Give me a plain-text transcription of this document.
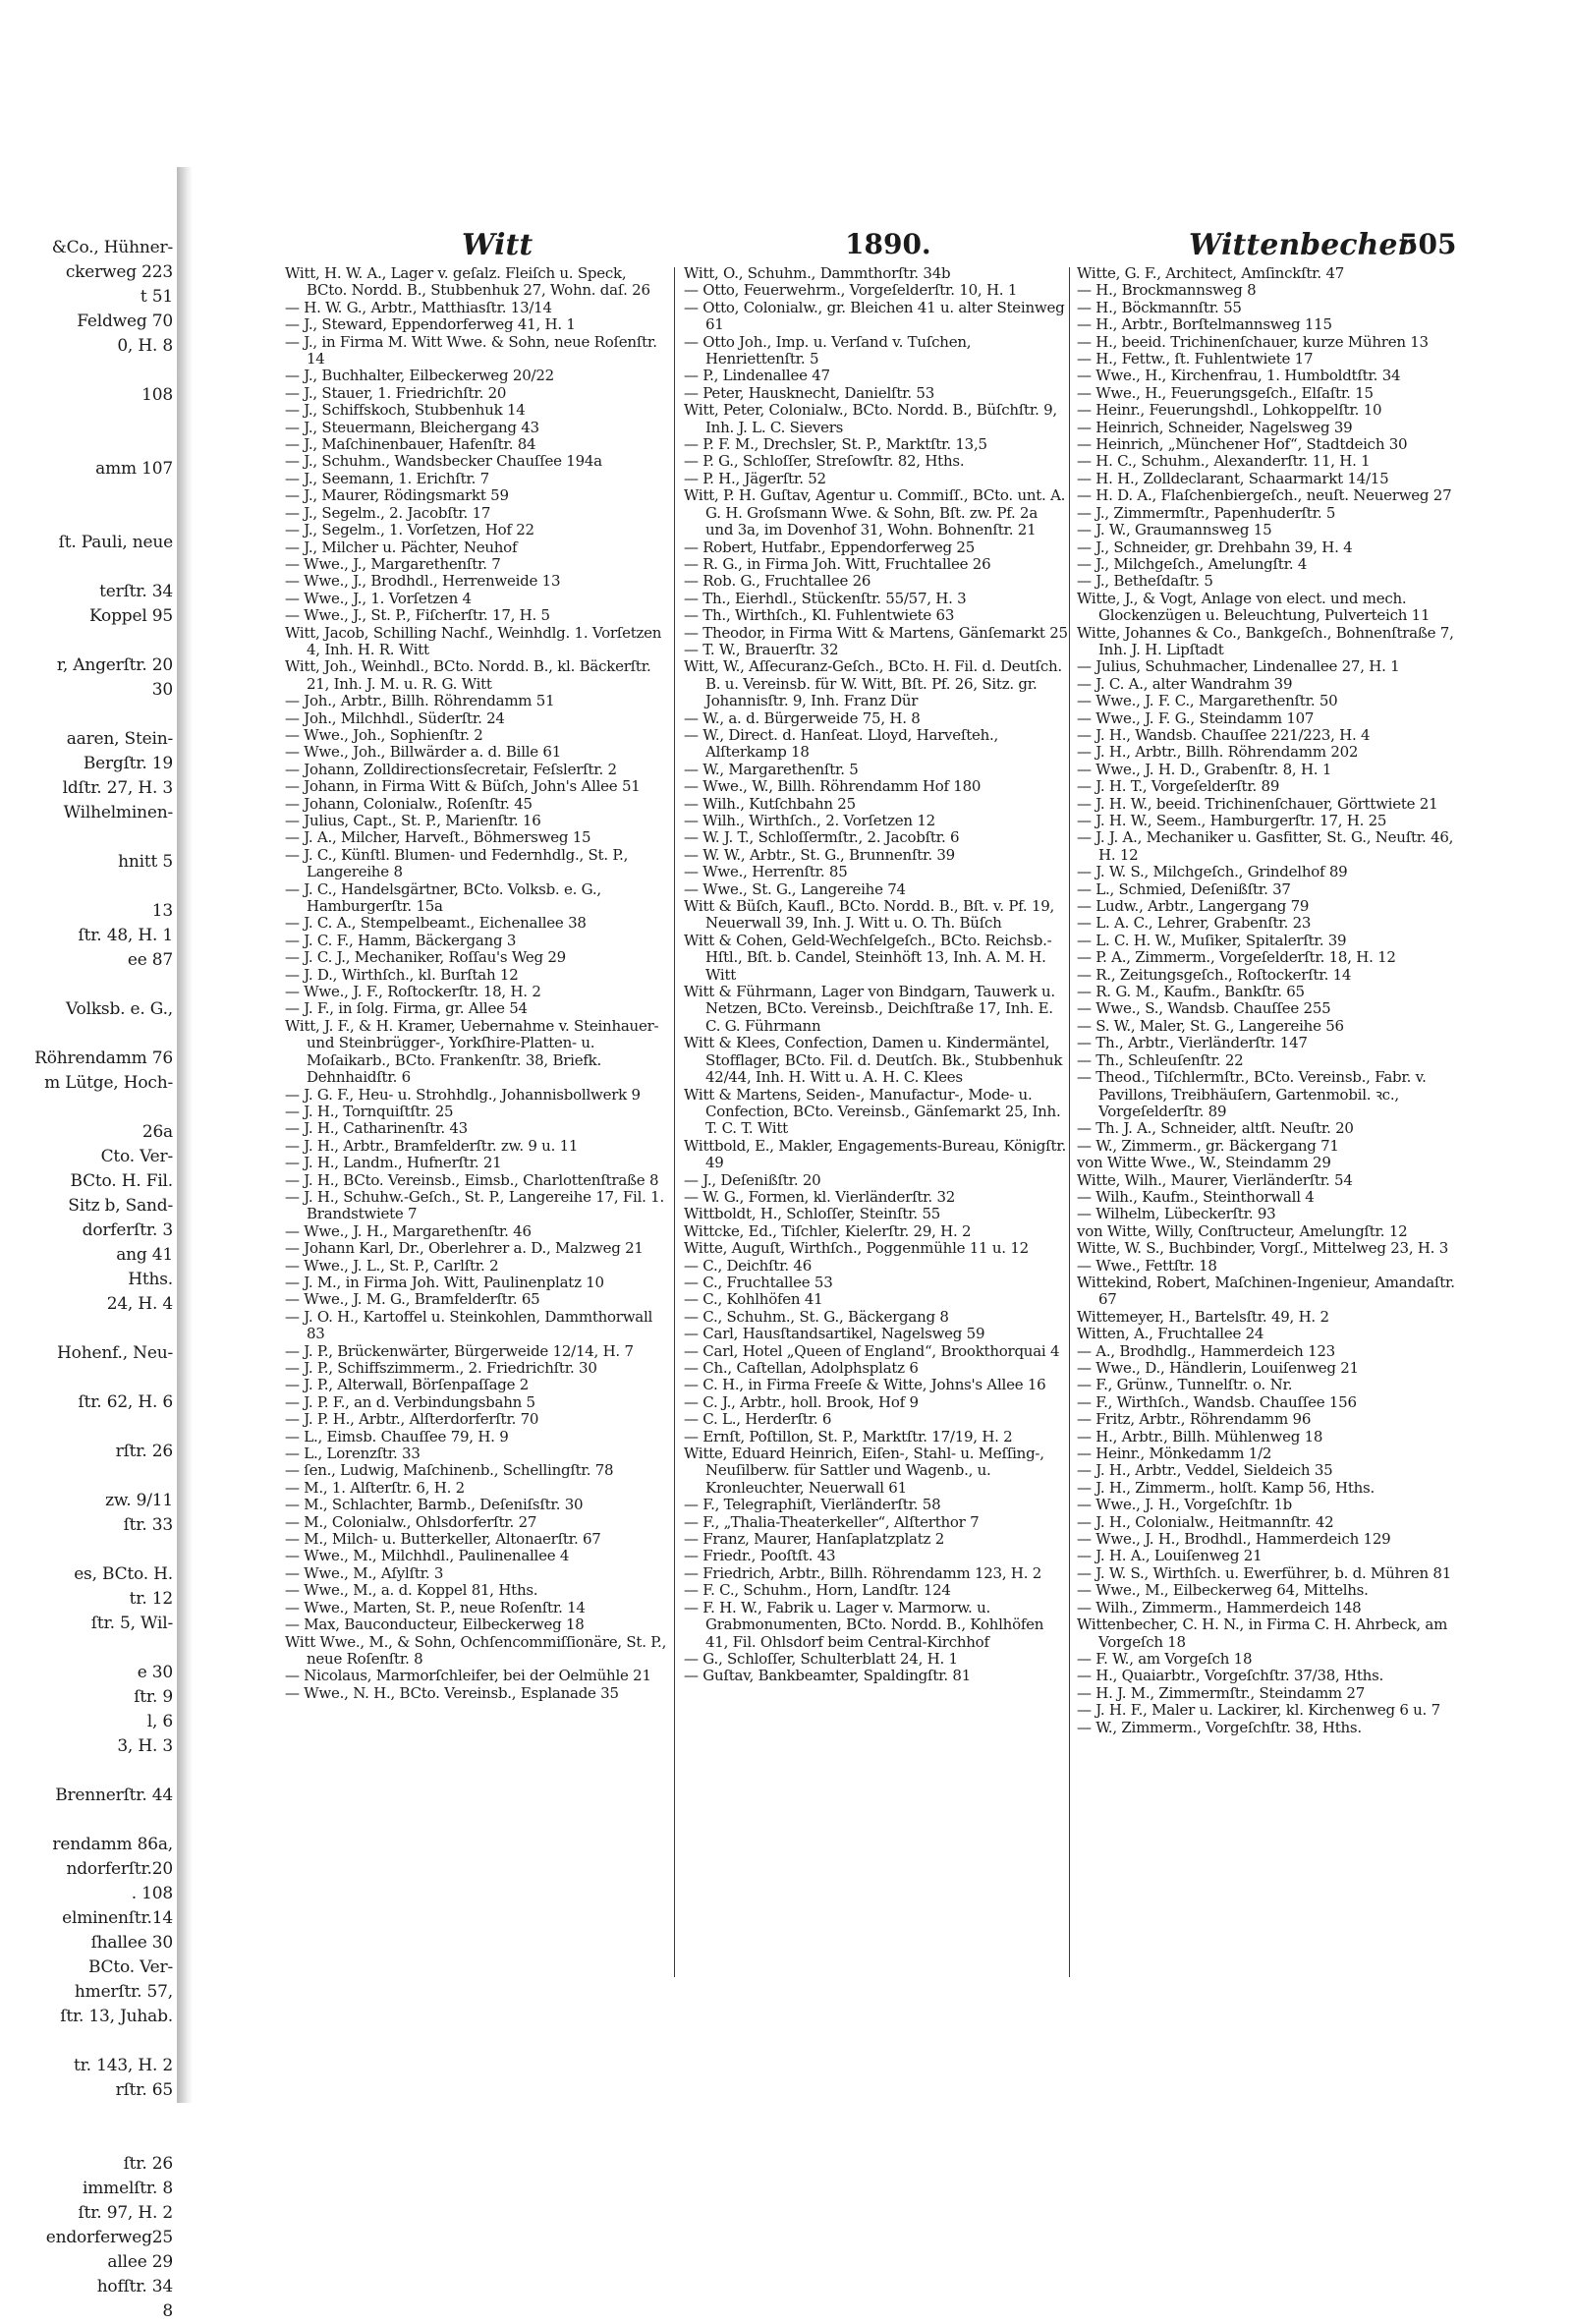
&Co., Hühner-
ckerweg 223
t 51
Feldweg 70
0, H. 8

108

amm 107

ſt. Pauli, neue

terſtr. 34
Koppel 95

r, Angerſtr. 20
30

aaren, Stein-
Bergſtr. 19
ldſtr. 27, H. 3
Wilhelminen-

hnitt 5

13
ſtr. 48, H. 1
ee 87

Volksb. e. G.,

Röhrendamm 76
m Lütge, Hoch-

26a
Cto. Ver-
BCto. H. Fil.
Sitz b, Sand-
dorferſtr. 3
ang 41
Hths.
24, H. 4

Hohenf., Neu-

ſtr. 62, H. 6

rſtr. 26

zw. 9/11
ſtr. 33

es, BCto. H.
tr. 12
ſtr. 5, Wil-

e 30
ſtr. 9
l, 6
3, H. 3

Brennerſtr. 44

rendamm 86a,
ndorferſtr.20
. 108
elminenſtr.14
ſhallee 30
BCto. Ver-
hmerſtr. 57,
ſtr. 13, Juhab.

tr. 143, H. 2
rſtr. 65

ſtr. 26
immelſtr. 8
ſtr. 97, H. 2
endorferweg25
allee 29
hofſtr. 34
8
Witt	1890.	Wittenbecher
505
Witt, H. W. A., Lager v. geſalz. Fleiſch u. Speck, BCto. Nordd. B., Stubbenhuk 27, Wohn. daſ. 26
— H. W. G., Arbtr., Matthiasſtr. 13/14
— J., Steward, Eppendorferweg 41, H. 1
— J., in Firma M. Witt Wwe. & Sohn, neue Roſenſtr. 14
— J., Buchhalter, Eilbeckerweg 20/22
— J., Stauer, 1. Friedrichſtr. 20
— J., Schiffskoch, Stubbenhuk 14
— J., Steuermann, Bleichergang 43
— J., Maſchinenbauer, Hafenſtr. 84
— J., Schuhm., Wandsbecker Chauſſee 194a
— J., Seemann, 1. Erichſtr. 7
— J., Maurer, Rödingsmarkt 59
— J., Segelm., 2. Jacobſtr. 17
— J., Segelm., 1. Vorſetzen, Hof 22
— J., Milcher u. Pächter, Neuhof
— Wwe., J., Margarethenſtr. 7
— Wwe., J., Brodhdl., Herrenweide 13
— Wwe., J., 1. Vorſetzen 4
— Wwe., J., St. P., Fiſcherſtr. 17, H. 5
Witt, Jacob, Schilling Nachf., Weinhdlg. 1. Vorſetzen 4, Inh. H. R. Witt
Witt, Joh., Weinhdl., BCto. Nordd. B., kl. Bäckerſtr. 21, Inh. J. M. u. R. G. Witt
— Joh., Arbtr., Billh. Röhrendamm 51
— Joh., Milchhdl., Süderſtr. 24
— Wwe., Joh., Sophienſtr. 2
— Wwe., Joh., Billwärder a. d. Bille 61
— Johann, Zolldirectionsſecretair, Feſslerſtr. 2
— Johann, in Firma Witt & Büſch, John's Allee 51
— Johann, Colonialw., Roſenſtr. 45
— Julius, Capt., St. P., Marienſtr. 16
— J. A., Milcher, Harveſt., Böhmersweg 15
— J. C., Künſtl. Blumen- und Federnhdlg., St. P., Langereihe 8
— J. C., Handelsgärtner, BCto. Volksb. e. G., Hamburgerſtr. 15a
— J. C. A., Stempelbeamt., Eichenallee 38
— J. C. F., Hamm, Bäckergang 3
— J. C. J., Mechaniker, Roſſau's Weg 29
— J. D., Wirthſch., kl. Burſtah 12
— Wwe., J. F., Roſtockerſtr. 18, H. 2
— J. F., in ſolg. Firma, gr. Allee 54
Witt, J. F., & H. Kramer, Uebernahme v. Steinhauer- und Steinbrügger-, Yorkſhire-Platten- u. Moſaikarb., BCto. Frankenſtr. 38, Briefk. Dehnhaidſtr. 6
— J. G. F., Heu- u. Strohhdlg., Johannisbollwerk 9
— J. H., Tornquiſtſtr. 25
— J. H., Catharinenſtr. 43
— J. H., Arbtr., Bramfelderſtr. zw. 9 u. 11
— J. H., Landm., Hufnerſtr. 21
— J. H., BCto. Vereinsb., Eimsb., Charlottenſtraße 8
— J. H., Schuhw.-Geſch., St. P., Langereihe 17, Fil. 1. Brandstwiete 7
— Wwe., J. H., Margarethenſtr. 46
— Johann Karl, Dr., Oberlehrer a. D., Malzweg 21
— Wwe., J. L., St. P., Carlſtr. 2
— J. M., in Firma Joh. Witt, Paulinenplatz 10
— Wwe., J. M. G., Bramfelderſtr. 65
— J. O. H., Kartoffel u. Steinkohlen, Dammthorwall 83
— J. P., Brückenwärter, Bürgerweide 12/14, H. 7
— J. P., Schiffszimmerm., 2. Friedrichſtr. 30
— J. P., Alterwall, Börſenpaſſage 2
— J. P. F., an d. Verbindungsbahn 5
— J. P. H., Arbtr., Alſterdorferſtr. 70
— L., Eimsb. Chauſſee 79, H. 9
— L., Lorenzſtr. 33
— ſen., Ludwig, Maſchinenb., Schellingſtr. 78
— M., 1. Alſterſtr. 6, H. 2
— M., Schlachter, Barmb., Deſeniſsſtr. 30
— M., Colonialw., Ohlsdorferſtr. 27
— M., Milch- u. Butterkeller, Altonaerſtr. 67
— Wwe., M., Milchhdl., Paulinenallee 4
— Wwe., M., Aſylſtr. 3
— Wwe., M., a. d. Koppel 81, Hths.
— Wwe., Marten, St. P., neue Roſenſtr. 14
— Max, Bauconducteur, Eilbeckerweg 18
Witt Wwe., M., & Sohn, Ochſencommiſſionäre, St. P., neue Roſenſtr. 8
— Nicolaus, Marmorſchleifer, bei der Oelmühle 21
— Wwe., N. H., BCto. Vereinsb., Esplanade 35
Witt, O., Schuhm., Dammthorſtr. 34b
— Otto, Feuerwehrm., Vorgeſelderſtr. 10, H. 1
— Otto, Colonialw., gr. Bleichen 41 u. alter Steinweg 61
— Otto Joh., Imp. u. Verſand v. Tuſchen, Henriettenſtr. 5
— P., Lindenallee 47
— Peter, Hausknecht, Danielſtr. 53
Witt, Peter, Colonialw., BCto. Nordd. B., Büſchſtr. 9, Inh. J. L. C. Sievers
— P. F. M., Drechsler, St. P., Marktſtr. 13,5
— P. G., Schloſſer, Streſowſtr. 82, Hths.
— P. H., Jägerſtr. 52
Witt, P. H. Guſtav, Agentur u. Commiſſ., BCto. unt. A. G. H. Groſsmann Wwe. & Sohn, Bſt. zw. Pf. 2a und 3a, im Dovenhof 31, Wohn. Bohnenſtr. 21
— Robert, Hutfabr., Eppendorferweg 25
— R. G., in Firma Joh. Witt, Fruchtallee 26
— Rob. G., Fruchtallee 26
— Th., Eierhdl., Stückenſtr. 55/57, H. 3
— Th., Wirthſch., Kl. Fuhlentwiete 63
— Theodor, in Firma Witt & Martens, Gänſemarkt 25
— T. W., Brauerſtr. 32
Witt, W., Aſſecuranz-Geſch., BCto. H. Fil. d. Deutſch. B. u. Vereinsb. für W. Witt, Bſt. Pf. 26, Sitz. gr. Johannisſtr. 9, Inh. Franz Dür
— W., a. d. Bürgerweide 75, H. 8
— W., Direct. d. Hanſeat. Lloyd, Harveſteh., Alſterkamp 18
— W., Margarethenſtr. 5
— Wwe., W., Billh. Röhrendamm Hof 180
— Wilh., Kutſchbahn 25
— Wilh., Wirthſch., 2. Vorſetzen 12
— W. J. T., Schloſſermſtr., 2. Jacobſtr. 6
— W. W., Arbtr., St. G., Brunnenſtr. 39
— Wwe., Herrenſtr. 85
— Wwe., St. G., Langereihe 74
Witt & Büſch, Kaufl., BCto. Nordd. B., Bſt. v. Pf. 19, Neuerwall 39, Inh. J. Witt u. O. Th. Büſch
Witt & Cohen, Geld-Wechſelgeſch., BCto. Reichsb.-Hſtl., Bſt. b. Candel, Steinhöft 13, Inh. A. M. H. Witt
Witt & Führmann, Lager von Bindgarn, Tauwerk u. Netzen, BCto. Vereinsb., Deichſtraße 17, Inh. E. C. G. Führmann
Witt & Klees, Confection, Damen u. Kindermäntel, Stofflager, BCto. Fil. d. Deutſch. Bk., Stubbenhuk 42/44, Inh. H. Witt u. A. H. C. Klees
Witt & Martens, Seiden-, Manufactur-, Mode- u. Confection, BCto. Vereinsb., Gänſemarkt 25, Inh. T. C. T. Witt
Wittbold, E., Makler, Engagements-Bureau, Königſtr. 49
— J., Deſenißſtr. 20
— W. G., Formen, kl. Vierländerſtr. 32
Wittboldt, H., Schloſſer, Steinſtr. 55
Wittcke, Ed., Tiſchler, Kielerſtr. 29, H. 2
Witte, Auguſt, Wirthſch., Poggenmühle 11 u. 12
— C., Deichſtr. 46
— C., Fruchtallee 53
— C., Kohlhöfen 41
— C., Schuhm., St. G., Bäckergang 8
— Carl, Hausſtandsartikel, Nagelsweg 59
— Carl, Hotel „Queen of England“, Brookthorquai 4
— Ch., Caſtellan, Adolphsplatz 6
— C. H., in Firma Freeſe & Witte, Johns's Allee 16
— C. J., Arbtr., holl. Brook, Hof 9
— C. L., Herderſtr. 6
— Ernſt, Poſtillon, St. P., Marktſtr. 17/19, H. 2
Witte, Eduard Heinrich, Eiſen-, Stahl- u. Meſſing-, Neuſilberw. für Sattler und Wagenb., u. Kronleuchter, Neuerwall 61
— F., Telegraphiſt, Vierländerſtr. 58
— F., „Thalia-Theaterkeller“, Alſterthor 7
— Franz, Maurer, Hanſaplatzplatz 2
— Friedr., Pooſtſt. 43
— Friedrich, Arbtr., Billh. Röhrendamm 123, H. 2
— F. C., Schuhm., Horn, Landſtr. 124
— F. H. W., Fabrik u. Lager v. Marmorw. u. Grabmonumenten, BCto. Nordd. B., Kohlhöfen 41, Fil. Ohlsdorf beim Central-Kirchhof
— G., Schloſſer, Schulterblatt 24, H. 1
— Guſtav, Bankbeamter, Spaldingſtr. 81
Witte, G. F., Architect, Amſinckſtr. 47
— H., Brockmannsweg 8
— H., Böckmannſtr. 55
— H., Arbtr., Borſtelmannsweg 115
— H., beeid. Trichinenſchauer, kurze Mühren 13
— H., Fettw., ſt. Fuhlentwiete 17
— Wwe., H., Kirchenfrau, 1. Humboldtſtr. 34
— Wwe., H., Feuerungsgeſch., Elſaſtr. 15
— Heinr., Feuerungshdl., Lohkoppelſtr. 10
— Heinrich, Schneider, Nagelsweg 39
— Heinrich, „Münchener Hof“, Stadtdeich 30
— H. C., Schuhm., Alexanderſtr. 11, H. 1
— H. H., Zolldeclarant, Schaarmarkt 14/15
— H. D. A., Flaſchenbiergeſch., neuſt. Neuerweg 27
— J., Zimmermſtr., Papenhuderſtr. 5
— J. W., Graumannsweg 15
— J., Schneider, gr. Drehbahn 39, H. 4
— J., Milchgeſch., Amelungſtr. 4
— J., Betheſdaſtr. 5
Witte, J., & Vogt, Anlage von elect. und mech. Glockenzügen u. Beleuchtung, Pulverteich 11
Witte, Johannes & Co., Bankgeſch., Bohnenſtraße 7, Inh. J. H. Lipſtadt
— Julius, Schuhmacher, Lindenallee 27, H. 1
— J. C. A., alter Wandrahm 39
— Wwe., J. F. C., Margarethenſtr. 50
— Wwe., J. F. G., Steindamm 107
— J. H., Wandsb. Chauſſee 221/223, H. 4
— J. H., Arbtr., Billh. Röhrendamm 202
— Wwe., J. H. D., Grabenſtr. 8, H. 1
— J. H. T., Vorgeſelderſtr. 89
— J. H. W., beeid. Trichinenſchauer, Görttwiete 21
— J. H. W., Seem., Hamburgerſtr. 17, H. 25
— J. J. A., Mechaniker u. Gasfitter, St. G., Neuſtr. 46, H. 12
— J. W. S., Milchgeſch., Grindelhof 89
— L., Schmied, Deſenißſtr. 37
— Ludw., Arbtr., Langergang 79
— L. A. C., Lehrer, Grabenſtr. 23
— L. C. H. W., Muſiker, Spitalerſtr. 39
— P. A., Zimmerm., Vorgeſelderſtr. 18, H. 12
— R., Zeitungsgeſch., Roſtockerſtr. 14
— R. G. M., Kaufm., Bankſtr. 65
— Wwe., S., Wandsb. Chauſſee 255
— S. W., Maler, St. G., Langereihe 56
— Th., Arbtr., Vierländerſtr. 147
— Th., Schleuſenſtr. 22
— Theod., Tiſchlermſtr., BCto. Vereinsb., Fabr. v. Pavillons, Treibhäuſern, Gartenmobil. ꝛc., Vorgeſelderſtr. 89
— Th. J. A., Schneider, altſt. Neuſtr. 20
— W., Zimmerm., gr. Bäckergang 71
von Witte Wwe., W., Steindamm 29
Witte, Wilh., Maurer, Vierländerſtr. 54
— Wilh., Kaufm., Steinthorwall 4
— Wilhelm, Lübeckerſtr. 93
von Witte, Willy, Conſtructeur, Amelungſtr. 12
Witte, W. S., Buchbinder, Vorgſ., Mittelweg 23, H. 3
— Wwe., Fettſtr. 18
Wittekind, Robert, Maſchinen-Ingenieur, Amandaſtr. 67
Wittemeyer, H., Bartelsſtr. 49, H. 2
Witten, A., Fruchtallee 24
— A., Brodhdlg., Hammerdeich 123
— Wwe., D., Händlerin, Louiſenweg 21
— F., Grünw., Tunnelſtr. o. Nr.
— F., Wirthſch., Wandsb. Chauſſee 156
— Fritz, Arbtr., Röhrendamm 96
— H., Arbtr., Billh. Mühlenweg 18
— Heinr., Mönkedamm 1/2
— J. H., Arbtr., Veddel, Sieldeich 35
— J. H., Zimmerm., holſt. Kamp 56, Hths.
— Wwe., J. H., Vorgeſchſtr. 1b
— J. H., Colonialw., Heitmannſtr. 42
— Wwe., J. H., Brodhdl., Hammerdeich 129
— J. H. A., Louiſenweg 21
— J. W. S., Wirthſch. u. Ewerführer, b. d. Mühren 81
— Wwe., M., Eilbeckerweg 64, Mittelhs.
— Wilh., Zimmerm., Hammerdeich 148
Wittenbecher, C. H. N., in Firma C. H. Ahrbeck, am Vorgeſch 18
— F. W., am Vorgeſch 18
— H., Quaiarbtr., Vorgeſchſtr. 37/38, Hths.
— H. J. M., Zimmermſtr., Steindamm 27
— J. H. F., Maler u. Lackirer, kl. Kirchenweg 6 u. 7
— W., Zimmerm., Vorgeſchſtr. 38, Hths.
